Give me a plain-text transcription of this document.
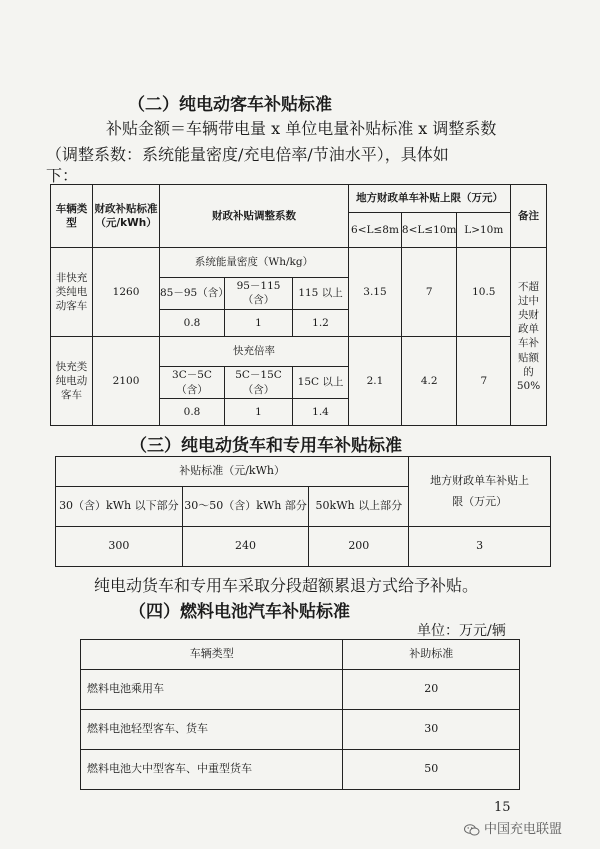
（二）纯电动客车补贴标准
补贴金额＝车辆带电量 x 单位电量补贴标准 x 调整系数
（调整系数：系统能量密度/充电倍率/节油水平），具体如
下：
车辆类型	财政补贴标准（元/kWh）	财政补贴调整系数			地方财政单车补贴上限（万元）			备注
					6<L≤8m	8<L≤10m	L>10m	
非快充类纯电动客车	1260	系统能量密度（Wh/kg）			3.15	7	10.5	不超过中央财政单车补贴额的50%
		85－95（含）	95－115（含）	115 以上				
		0.8	1	1.2				
快充类纯电动客车	2100	快充倍率			2.1	4.2	7	
		3C－5C（含）	5C－15C（含）	15C 以上				
		0.8	1	1.4				
（三）纯电动货车和专用车补贴标准
补贴标准（元/kWh）			地方财政单车补贴上限（万元）
30（含）kWh 以下部分	30～50（含）kWh 部分	50kWh 以上部分	
300	240	200	3
纯电动货车和专用车采取分段超额累退方式给予补贴。
（四）燃料电池汽车补贴标准
单位：万元/辆
车辆类型	补助标准
燃料电池乘用车	20
燃料电池轻型客车、货车	30
燃料电池大中型客车、中重型货车	50
15
中国充电联盟
